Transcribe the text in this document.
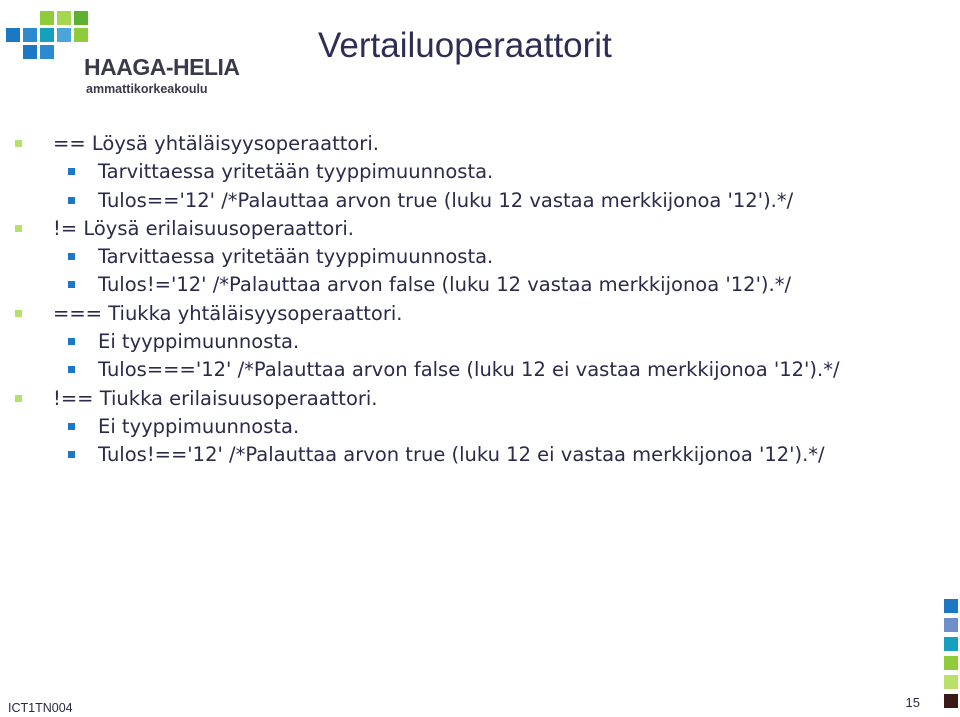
HAAGA-HELIA
ammattikorkeakoulu
Vertailuoperaattorit
== Löysä yhtäläisyysoperaattori.
Tarvittaessa yritetään tyyppimuunnosta.
Tulos=='12' /*Palauttaa arvon true (luku 12 vastaa merkkijonoa '12').*/
!= Löysä erilaisuusoperaattori.
Tarvittaessa yritetään tyyppimuunnosta.
Tulos!='12' /*Palauttaa arvon false (luku 12 vastaa merkkijonoa '12').*/
=== Tiukka yhtäläisyysoperaattori.
Ei tyyppimuunnosta.
Tulos==='12' /*Palauttaa arvon false (luku 12 ei vastaa merkkijonoa '12').*/
!== Tiukka erilaisuusoperaattori.
Ei tyyppimuunnosta.
Tulos!=='12' /*Palauttaa arvon true (luku 12 ei vastaa merkkijonoa '12').*/
ICT1TN004	15
